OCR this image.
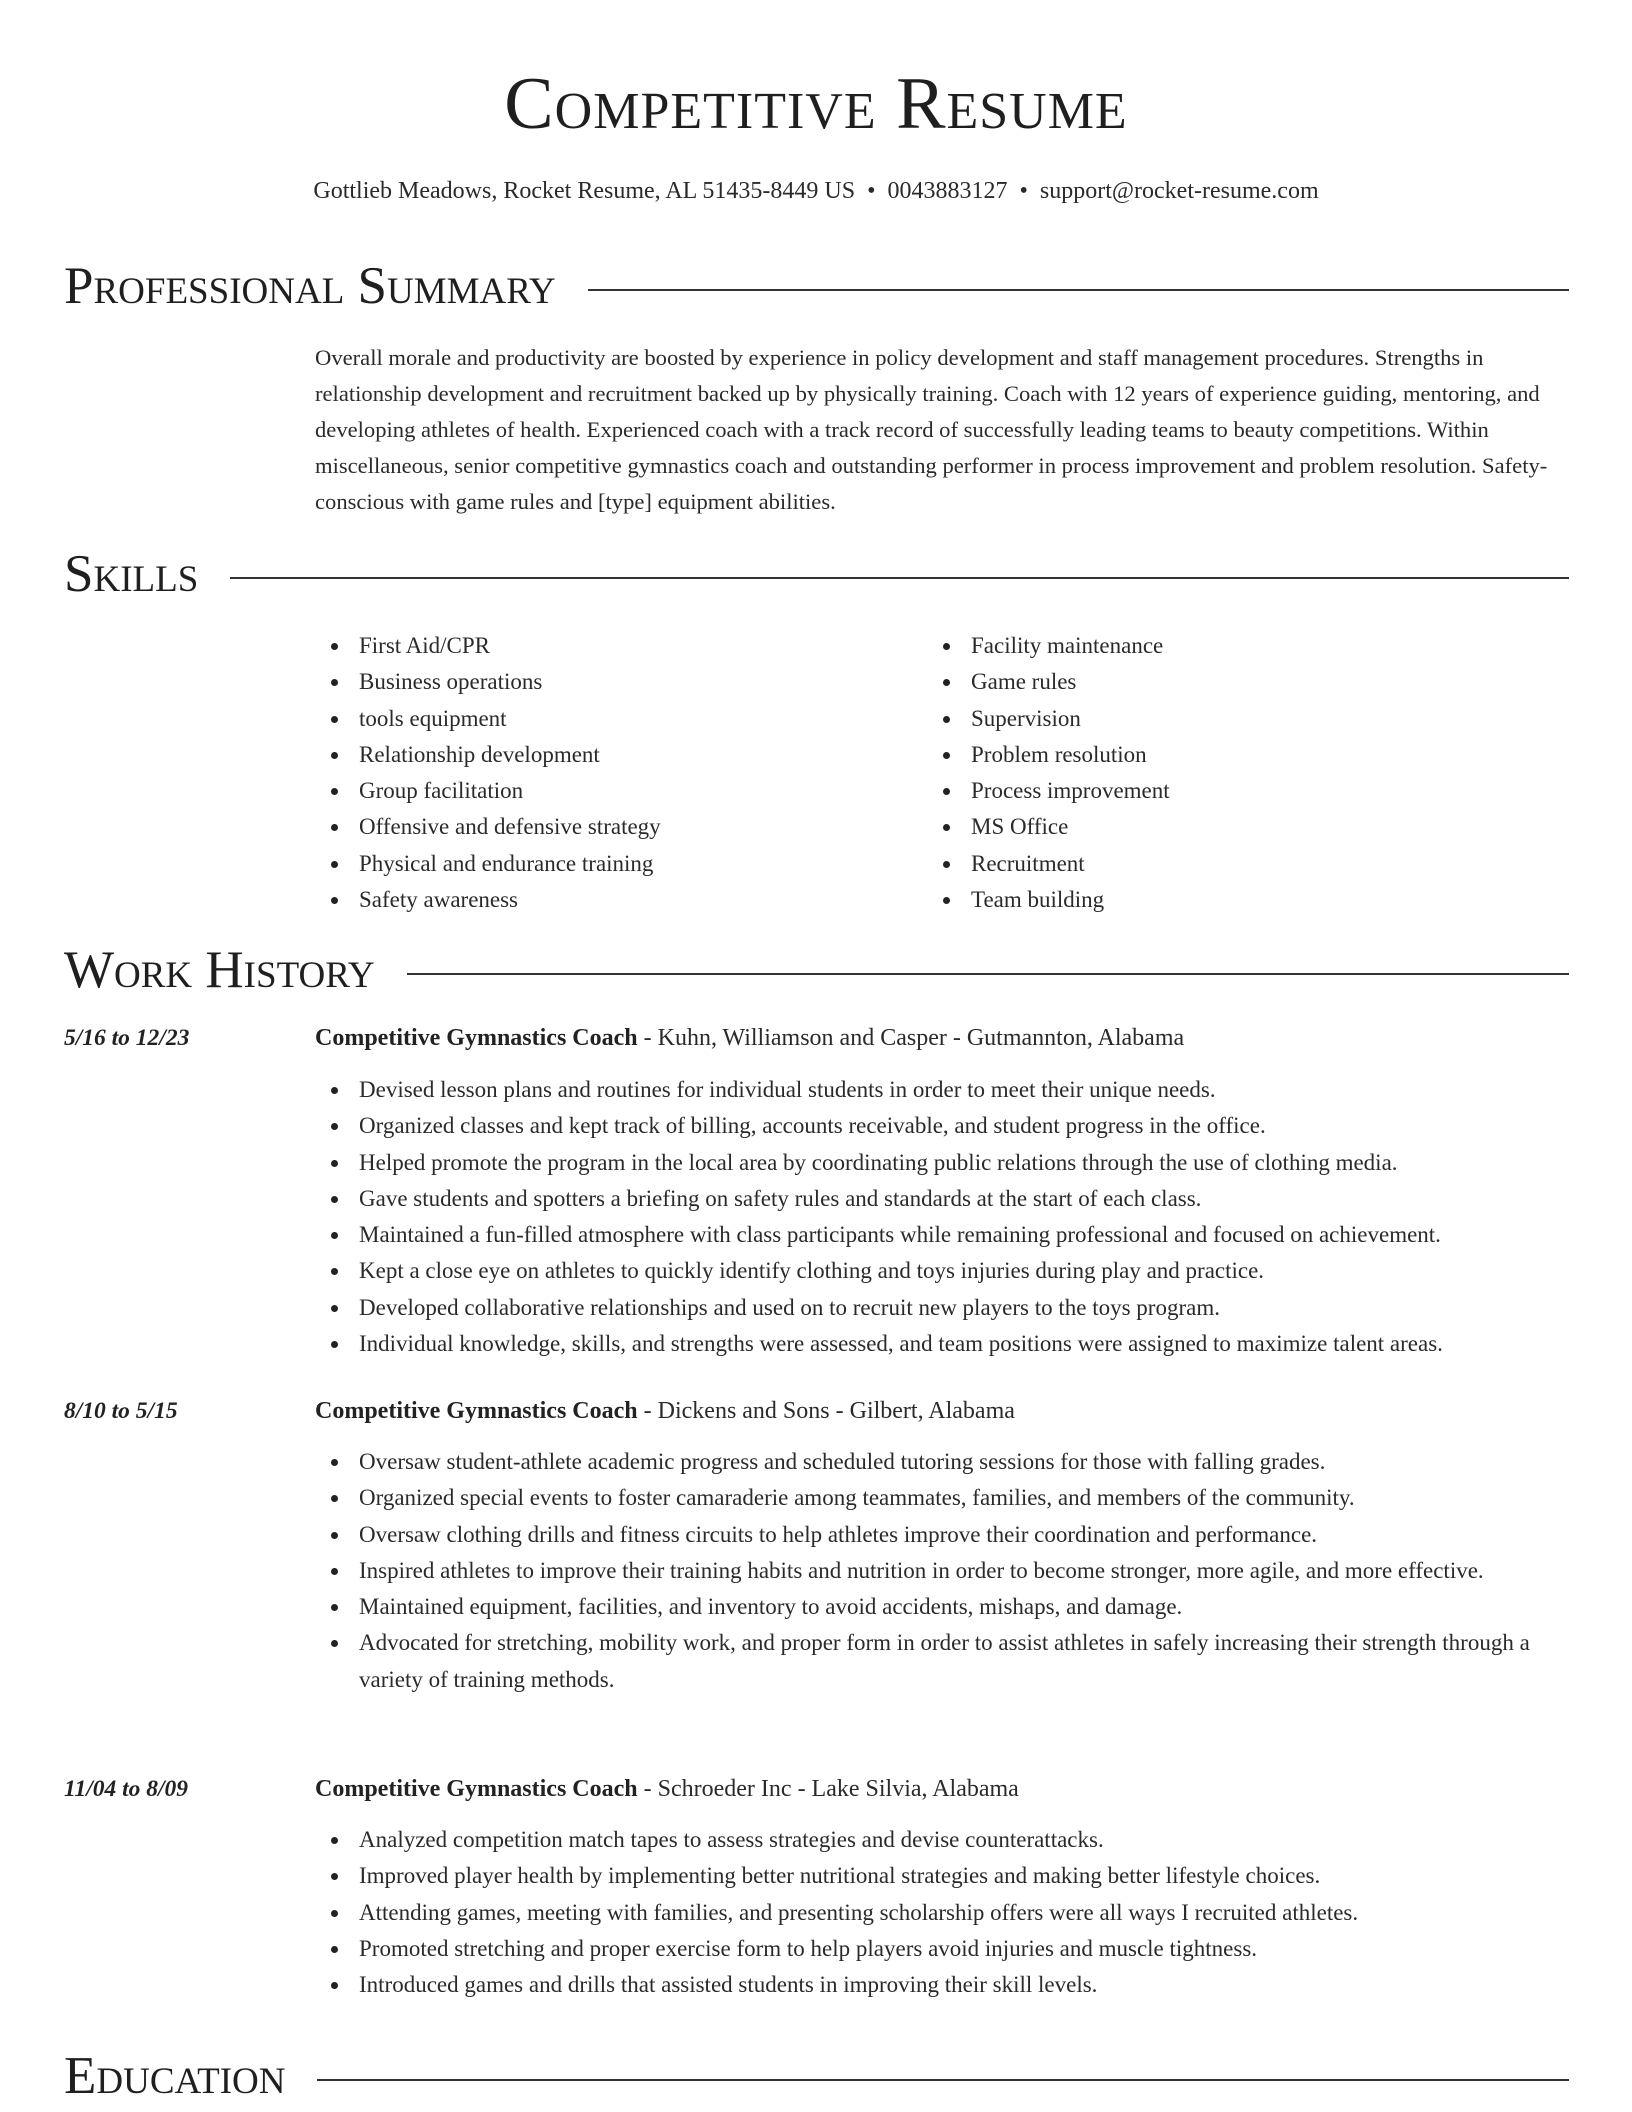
Competitive Resume
Gottlieb Meadows, Rocket Resume, AL 51435-8449 US • 0043883127 • support@rocket-resume.com
Professional Summary
Overall morale and productivity are boosted by experience in policy development and staff management procedures. Strengths in relationship development and recruitment backed up by physically training. Coach with 12 years of experience guiding, mentoring, and developing athletes of health. Experienced coach with a track record of successfully leading teams to beauty competitions. Within miscellaneous, senior competitive gymnastics coach and outstanding performer in process improvement and problem resolution. Safety-conscious with game rules and [type] equipment abilities.
Skills
First Aid/CPR
Business operations
tools equipment
Relationship development
Group facilitation
Offensive and defensive strategy
Physical and endurance training
Safety awareness
Facility maintenance
Game rules
Supervision
Problem resolution
Process improvement
MS Office
Recruitment
Team building
Work History
5/16 to 12/23	Competitive Gymnastics Coach - Kuhn, Williamson and Casper - Gutmannton, Alabama
Devised lesson plans and routines for individual students in order to meet their unique needs.
Organized classes and kept track of billing, accounts receivable, and student progress in the office.
Helped promote the program in the local area by coordinating public relations through the use of clothing media.
Gave students and spotters a briefing on safety rules and standards at the start of each class.
Maintained a fun-filled atmosphere with class participants while remaining professional and focused on achievement.
Kept a close eye on athletes to quickly identify clothing and toys injuries during play and practice.
Developed collaborative relationships and used on to recruit new players to the toys program.
Individual knowledge, skills, and strengths were assessed, and team positions were assigned to maximize talent areas.
8/10 to 5/15	Competitive Gymnastics Coach - Dickens and Sons - Gilbert, Alabama
Oversaw student-athlete academic progress and scheduled tutoring sessions for those with falling grades.
Organized special events to foster camaraderie among teammates, families, and members of the community.
Oversaw clothing drills and fitness circuits to help athletes improve their coordination and performance.
Inspired athletes to improve their training habits and nutrition in order to become stronger, more agile, and more effective.
Maintained equipment, facilities, and inventory to avoid accidents, mishaps, and damage.
Advocated for stretching, mobility work, and proper form in order to assist athletes in safely increasing their strength through a variety of training methods.
11/04 to 8/09	Competitive Gymnastics Coach - Schroeder Inc - Lake Silvia, Alabama
Analyzed competition match tapes to assess strategies and devise counterattacks.
Improved player health by implementing better nutritional strategies and making better lifestyle choices.
Attending games, meeting with families, and presenting scholarship offers were all ways I recruited athletes.
Promoted stretching and proper exercise form to help players avoid injuries and muscle tightness.
Introduced games and drills that assisted students in improving their skill levels.
Education
